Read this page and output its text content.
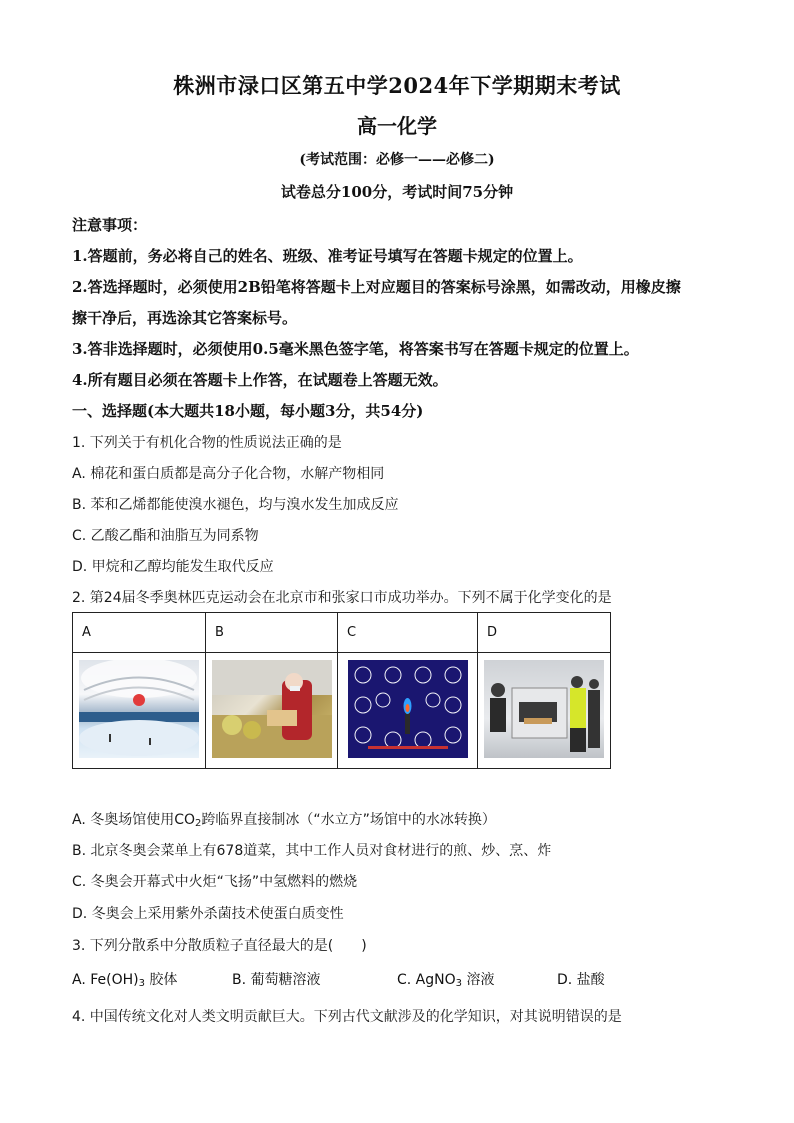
株洲市渌口区第五中学2024年下学期期末考试
高一化学
(考试范围：必修一——必修二)
试卷总分100分，考试时间75分钟
注意事项：
1.答题前，务必将自己的姓名、班级、准考证号填写在答题卡规定的位置上。
2.答选择题时，必须使用2B铅笔将答题卡上对应题目的答案标号涂黑，如需改动，用橡皮擦
擦干净后，再选涂其它答案标号。
3.答非选择题时，必须使用0.5毫米黑色签字笔，将答案书写在答题卡规定的位置上。
4.所有题目必须在答题卡上作答，在试题卷上答题无效。
一、选择题(本大题共18小题，每小题3分，共54分)
1. 下列关于有机化合物的性质说法正确的是
A. 棉花和蛋白质都是高分子化合物，水解产物相同
B. 苯和乙烯都能使溴水褪色，均与溴水发生加成反应
C. 乙酸乙酯和油脂互为同系物
D. 甲烷和乙醇均能发生取代反应
2. 第24届冬季奥林匹克运动会在北京市和张家口市成功举办。下列不属于化学变化的是
A	B	C	D

A. 冬奥场馆使用$CO_2$跨临界直接制冰（“水立方”场馆中的水冰转换）
B. 北京冬奥会菜单上有678道菜，其中工作人员对食材进行的煎、炒、烹、炸
C. 冬奥会开幕式中火炬“飞扬”中氢燃料的燃烧
D. 冬奥会上采用紫外杀菌技术使蛋白质变性
3. 下列分散系中分散质粒子直径最大的是(　　)
A. $Fe(OH)_3$ 胶体	B. 葡萄糖溶液	C. AgNO$_3$ 溶液	D. 盐酸
4. 中国传统文化对人类文明贡献巨大。下列古代文献涉及的化学知识，对其说明错误的是
